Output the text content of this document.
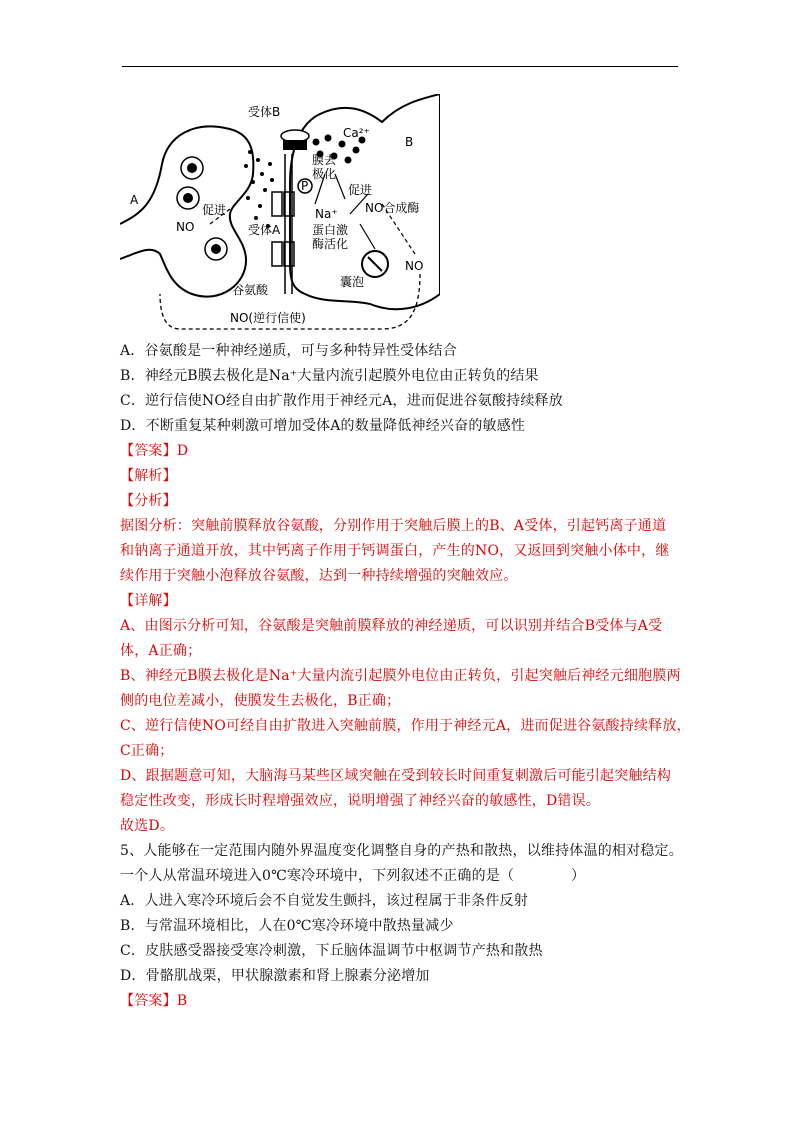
受体B
Ca²⁺
B
膜去
极化
P	促进
NO合成酶
A
促进
NO
Na⁺
受体A	蛋白激
酶活化
囊泡
NO
谷氨酸
NO(逆行信使)
A．谷氨酸是一种神经递质，可与多种特异性受体结合
B．神经元B膜去极化是Na⁺大量内流引起膜外电位由正转负的结果
C．逆行信使NO经自由扩散作用于神经元A，进而促进谷氨酸持续释放
D．不断重复某种刺激可增加受体A的数量降低神经兴奋的敏感性
【答案】D
【解析】
【分析】
据图分析：突触前膜释放谷氨酸，分别作用于突触后膜上的B、A受体，引起钙离子通道
和钠离子通道开放，其中钙离子作用于钙调蛋白，产生的NO，又返回到突触小体中，继
续作用于突触小泡释放谷氨酸，达到一种持续增强的突触效应。
【详解】
A、由图示分析可知，谷氨酸是突触前膜释放的神经递质，可以识别并结合B受体与A受
体，A正确；
B、神经元B膜去极化是Na⁺大量内流引起膜外电位由正转负，引起突触后神经元细胞膜两
侧的电位差减小，使膜发生去极化，B正确；
C、逆行信使NO可经自由扩散进入突触前膜，作用于神经元A，进而促进谷氨酸持续释放，
C正确；
D、跟据题意可知，大脑海马某些区域突触在受到较长时间重复刺激后可能引起突触结构
稳定性改变，形成长时程增强效应，说明增强了神经兴奋的敏感性，D错误。
故选D。
5、人能够在一定范围内随外界温度变化调整自身的产热和散热，以维持体温的相对稳定。
一个人从常温环境进入0℃寒冷环境中，下列叙述不正确的是（　　　　）
A．人进入寒冷环境后会不自觉发生颤抖，该过程属于非条件反射
B．与常温环境相比，人在0℃寒冷环境中散热量减少
C．皮肤感受器接受寒冷刺激，下丘脑体温调节中枢调节产热和散热
D．骨骼肌战栗，甲状腺激素和肾上腺素分泌增加
【答案】B
